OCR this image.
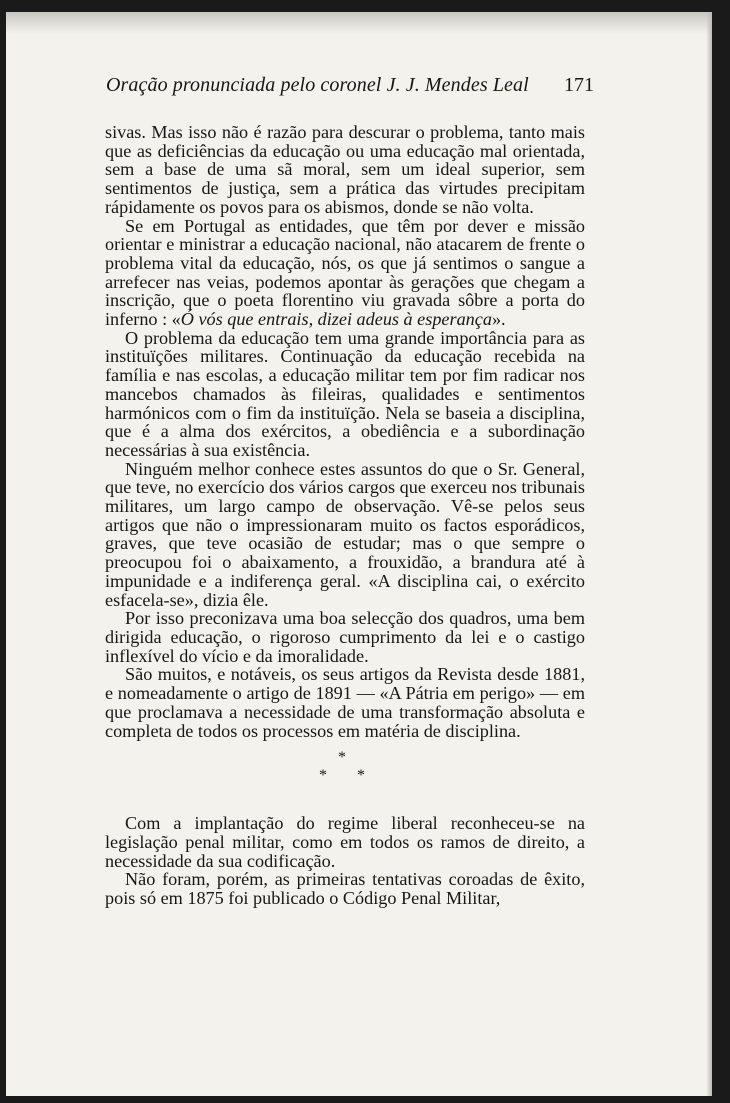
Oração pronunciada pelo coronel J. J. Mendes Leal	171

sivas. Mas isso não é razão para descurar o problema, tanto mais que as deficiências da educação ou uma educação mal orientada, sem a base de uma sã moral, sem um ideal superior, sem sentimentos de justiça, sem a prática das virtudes precipitam rápidamente os povos para os abismos, donde se não volta.

Se em Portugal as entidades, que têm por dever e missão orientar e ministrar a educação nacional, não atacarem de frente o problema vital da educação, nós, os que já sentimos o sangue a arrefecer nas veias, podemos apontar às gerações que chegam a inscrição, que o poeta florentino viu gravada sôbre a porta do inferno : «Ó vós que entrais, dizei adeus à esperança».

O problema da educação tem uma grande importância para as instituïções militares. Continuação da educação recebida na família e nas escolas, a educação militar tem por fim radicar nos mancebos chamados às fileiras, qualidades e sentimentos harmónicos com o fim da instituïção. Nela se baseia a disciplina, que é a alma dos exércitos, a obediência e a subordinação necessárias à sua existência.

Ninguém melhor conhece estes assuntos do que o Sr. General, que teve, no exercício dos vários cargos que exerceu nos tribunais militares, um largo campo de observação. Vê-se pelos seus artigos que não o impressionaram muito os factos esporádicos, graves, que teve ocasião de estudar; mas o que sempre o preocupou foi o abaixamento, a frouxidão, a brandura até à impunidade e a indiferença geral. «A disciplina cai, o exército esfacela-se», dizia êle.

Por isso preconizava uma boa selecção dos quadros, uma bem dirigida educação, o rigoroso cumprimento da lei e o castigo inflexível do vício e da imoralidade.

São muitos, e notáveis, os seus artigos da Revista desde 1881, e nomeadamente o artigo de 1891 — «A Pátria em perigo» — em que proclamava a necessidade de uma transformação absoluta e completa de todos os processos em matéria de disciplina.

*
* *

Com a implantação do regime liberal reconheceu-se na legislação penal militar, como em todos os ramos de direito, a necessidade da sua codificação.

Não foram, porém, as primeiras tentativas coroadas de êxito, pois só em 1875 foi publicado o Código Penal Militar,
